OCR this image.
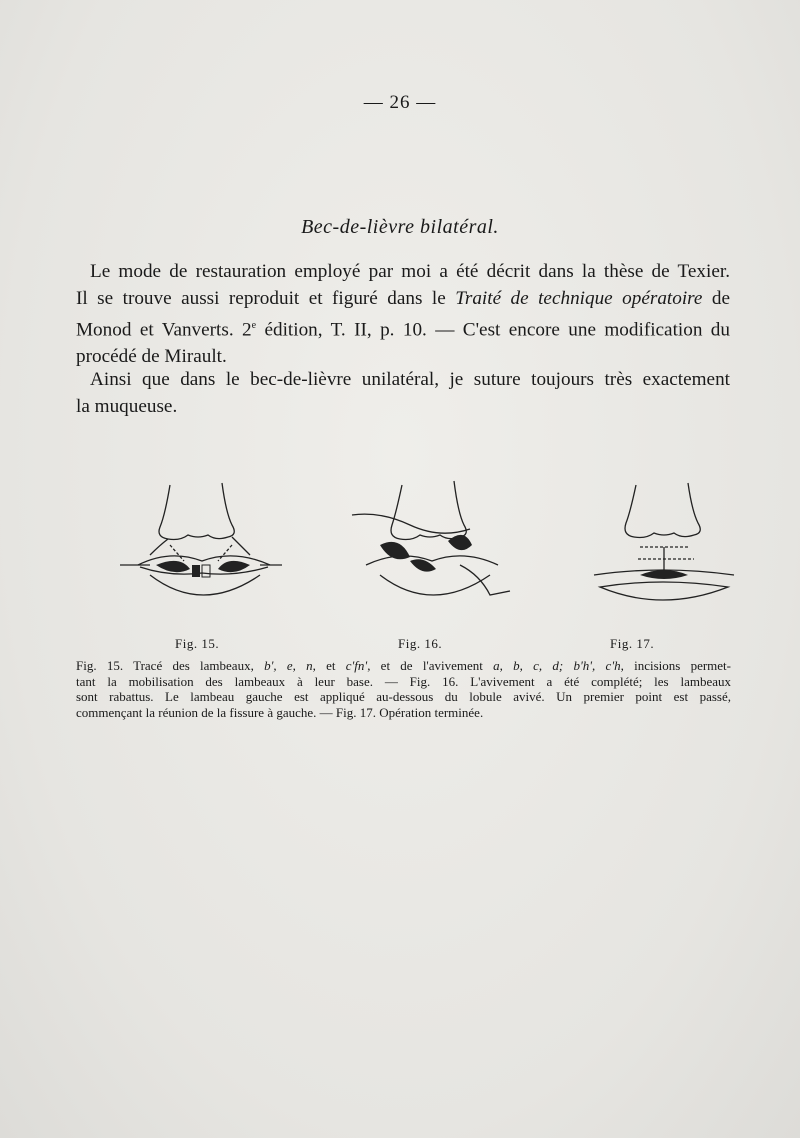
— 26 —
Bec-de-lièvre bilatéral.
Le mode de restauration employé par moi a été décrit dans la thèse de Texier.
Il se trouve aussi reproduit et figuré dans le Traité de technique opératoire de
Monod et Vanverts. 2e édition, T. II, p. 10. — C'est encore une modification du
procédé de Mirault.
Ainsi que dans le bec-de-lièvre unilatéral, je suture toujours très exactement
la muqueuse.
Fig. 15.	Fig. 16.	Fig. 17.
Fig. 15. Tracé des lambeaux, b', e, n, et c'fn', et de l'avivement a, b, c, d; b'h', c'h, incisions permet-
tant la mobilisation des lambeaux à leur base. — Fig. 16. L'avivement a été complété; les lambeaux
sont rabattus. Le lambeau gauche est appliqué au-dessous du lobule avivé. Un premier point est passé,
commençant la réunion de la fissure à gauche. — Fig. 17. Opération terminée.
